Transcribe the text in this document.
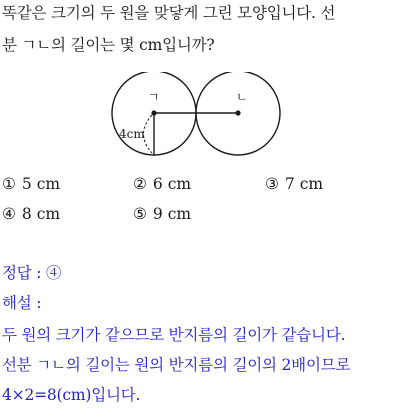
똑같은 크기의 두 원을 맞닿게 그린 모양입니다. 선
분 ㄱㄴ의 길이는 몇 cm입니까?
ㄱ	ㄴ
4cm
① 5 cm	② 6 cm	③ 7 cm
④ 8 cm	⑤ 9 cm
정답 : ④
해설 :
두 원의 크기가 같으므로 반지름의 길이가 같습니다.
선분 ㄱㄴ의 길이는 원의 반지름의 길이의 2배이므로
4×2=8(cm)입니다.
